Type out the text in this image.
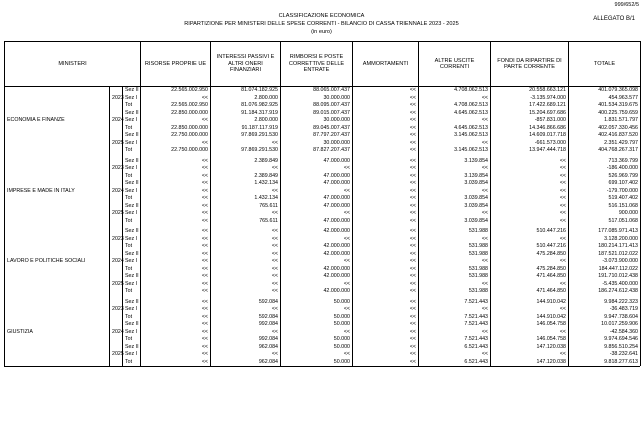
999/652/5
ALLEGATO B/1
CLASSIFICAZIONE ECONOMICA
RIPARTIZIONE PER MINISTERI DELLE SPESE CORRENTI - BILANCIO DI CASSA TRIENNALE 2023 - 2025
(in euro)
MINISTERI			RISORSE PROPRIE UE	INTERESSI PASSIVI E ALTRI ONERI FINANZIARI	RIMBORSI E POSTE CORRETTIVE DELLE ENTRATE	AMMORTAMENTI	ALTRE USCITE CORRENTI	FONDI DA RIPARTIRE DI PARTE CORRENTE	TOTALE
ECONOMIA E FINANZE	2023	Sez II	22.565.002.950	81.074.182.925	88.065.007.437	<<	4.708.062.513	20.558.663.121	401.079.365.098
		Sez I	<<	2.800.000	30.000.000	<<	<<	-3.135.974.000	454.963.577
		Tot	22.565.002.950	81.076.982.925	88.095.007.437	<<	4.708.062.513	17.422.689.121	401.534.319.675
	2024	Sez II	22.850.000.000	91.184.317.919	89.015.007.437	<<	4.645.062.513	15.204.697.686	400.225.759.659
		Sez I	<<	2.800.000	30.000.000	<<	<<	-857.831.000	1.831.571.797
		Tot	22.850.000.000	91.187.117.919	89.045.007.437	<<	4.645.062.513	14.346.866.686	402.057.330.456
	2025	Sez II	22.750.000.000	97.869.291.530	87.797.207.437	<<	3.145.062.513	14.609.017.718	402.416.837.520
		Sez I	<<	<<	30.000.000	<<	<<	-661.573.000	2.351.429.797
		Tot	22.750.000.000	97.869.291.530	87.827.207.437	<<	3.145.062.513	13.947.444.718	404.768.267.317

IMPRESE E MADE IN ITALY	2023	Sez II	<<	2.389.849	47.000.000	<<	3.139.854	<<	713.369.799
		Sez I	<<	<<	<<	<<	<<	<<	-186.400.000
		Tot	<<	2.389.849	47.000.000	<<	3.139.854	<<	526.969.799
	2024	Sez II	<<	1.432.134	47.000.000	<<	3.039.854	<<	699.107.402
		Sez I	<<	<<	<<	<<	<<	<<	-179.700.000
		Tot	<<	1.432.134	47.000.000	<<	3.039.854	<<	519.407.402
	2025	Sez II	<<	765.611	47.000.000	<<	3.039.854	<<	516.151.068
		Sez I	<<	<<	<<	<<	<<	<<	900.000
		Tot	<<	765.611	47.000.000	<<	3.039.854	<<	517.051.068

LAVORO E POLITICHE SOCIALI	2023	Sez II	<<	<<	42.000.000	<<	531.988	510.447.216	177.085.971.413
		Sez I	<<	<<	<<	<<	<<	<<	3.128.200.000
		Tot	<<	<<	42.000.000	<<	531.988	510.447.216	180.214.171.413
	2024	Sez II	<<	<<	42.000.000	<<	531.988	475.284.850	187.521.012.022
		Sez I	<<	<<	<<	<<	<<	<<	-3.073.900.000
		Tot	<<	<<	42.000.000	<<	531.988	475.284.850	184.447.112.022
	2025	Sez II	<<	<<	42.000.000	<<	531.988	471.464.850	191.710.012.438
		Sez I	<<	<<	<<	<<	<<	<<	-5.435.400.000
		Tot	<<	<<	42.000.000	<<	531.988	471.464.850	186.274.612.438

GIUSTIZIA	2023	Sez II	<<	592.084	50.000	<<	7.521.443	144.910.042	9.984.222.323
		Sez I	<<	<<	<<	<<	<<	<<	-36.483.719
		Tot	<<	592.084	50.000	<<	7.521.443	144.910.042	9.947.738.604
	2024	Sez II	<<	992.084	50.000	<<	7.521.443	146.054.758	10.017.259.906
		Sez I	<<	<<	<<	<<	<<	<<	-42.584.360
		Tot	<<	992.084	50.000	<<	7.521.443	146.054.758	9.974.694.546
	2025	Sez II	<<	962.084	50.000	<<	6.521.443	147.120.038	9.856.510.254
		Sez I	<<	<<	<<	<<	<<	<<	-38.232.641
		Tot	<<	962.084	50.000	<<	6.521.443	147.120.038	9.818.277.613
